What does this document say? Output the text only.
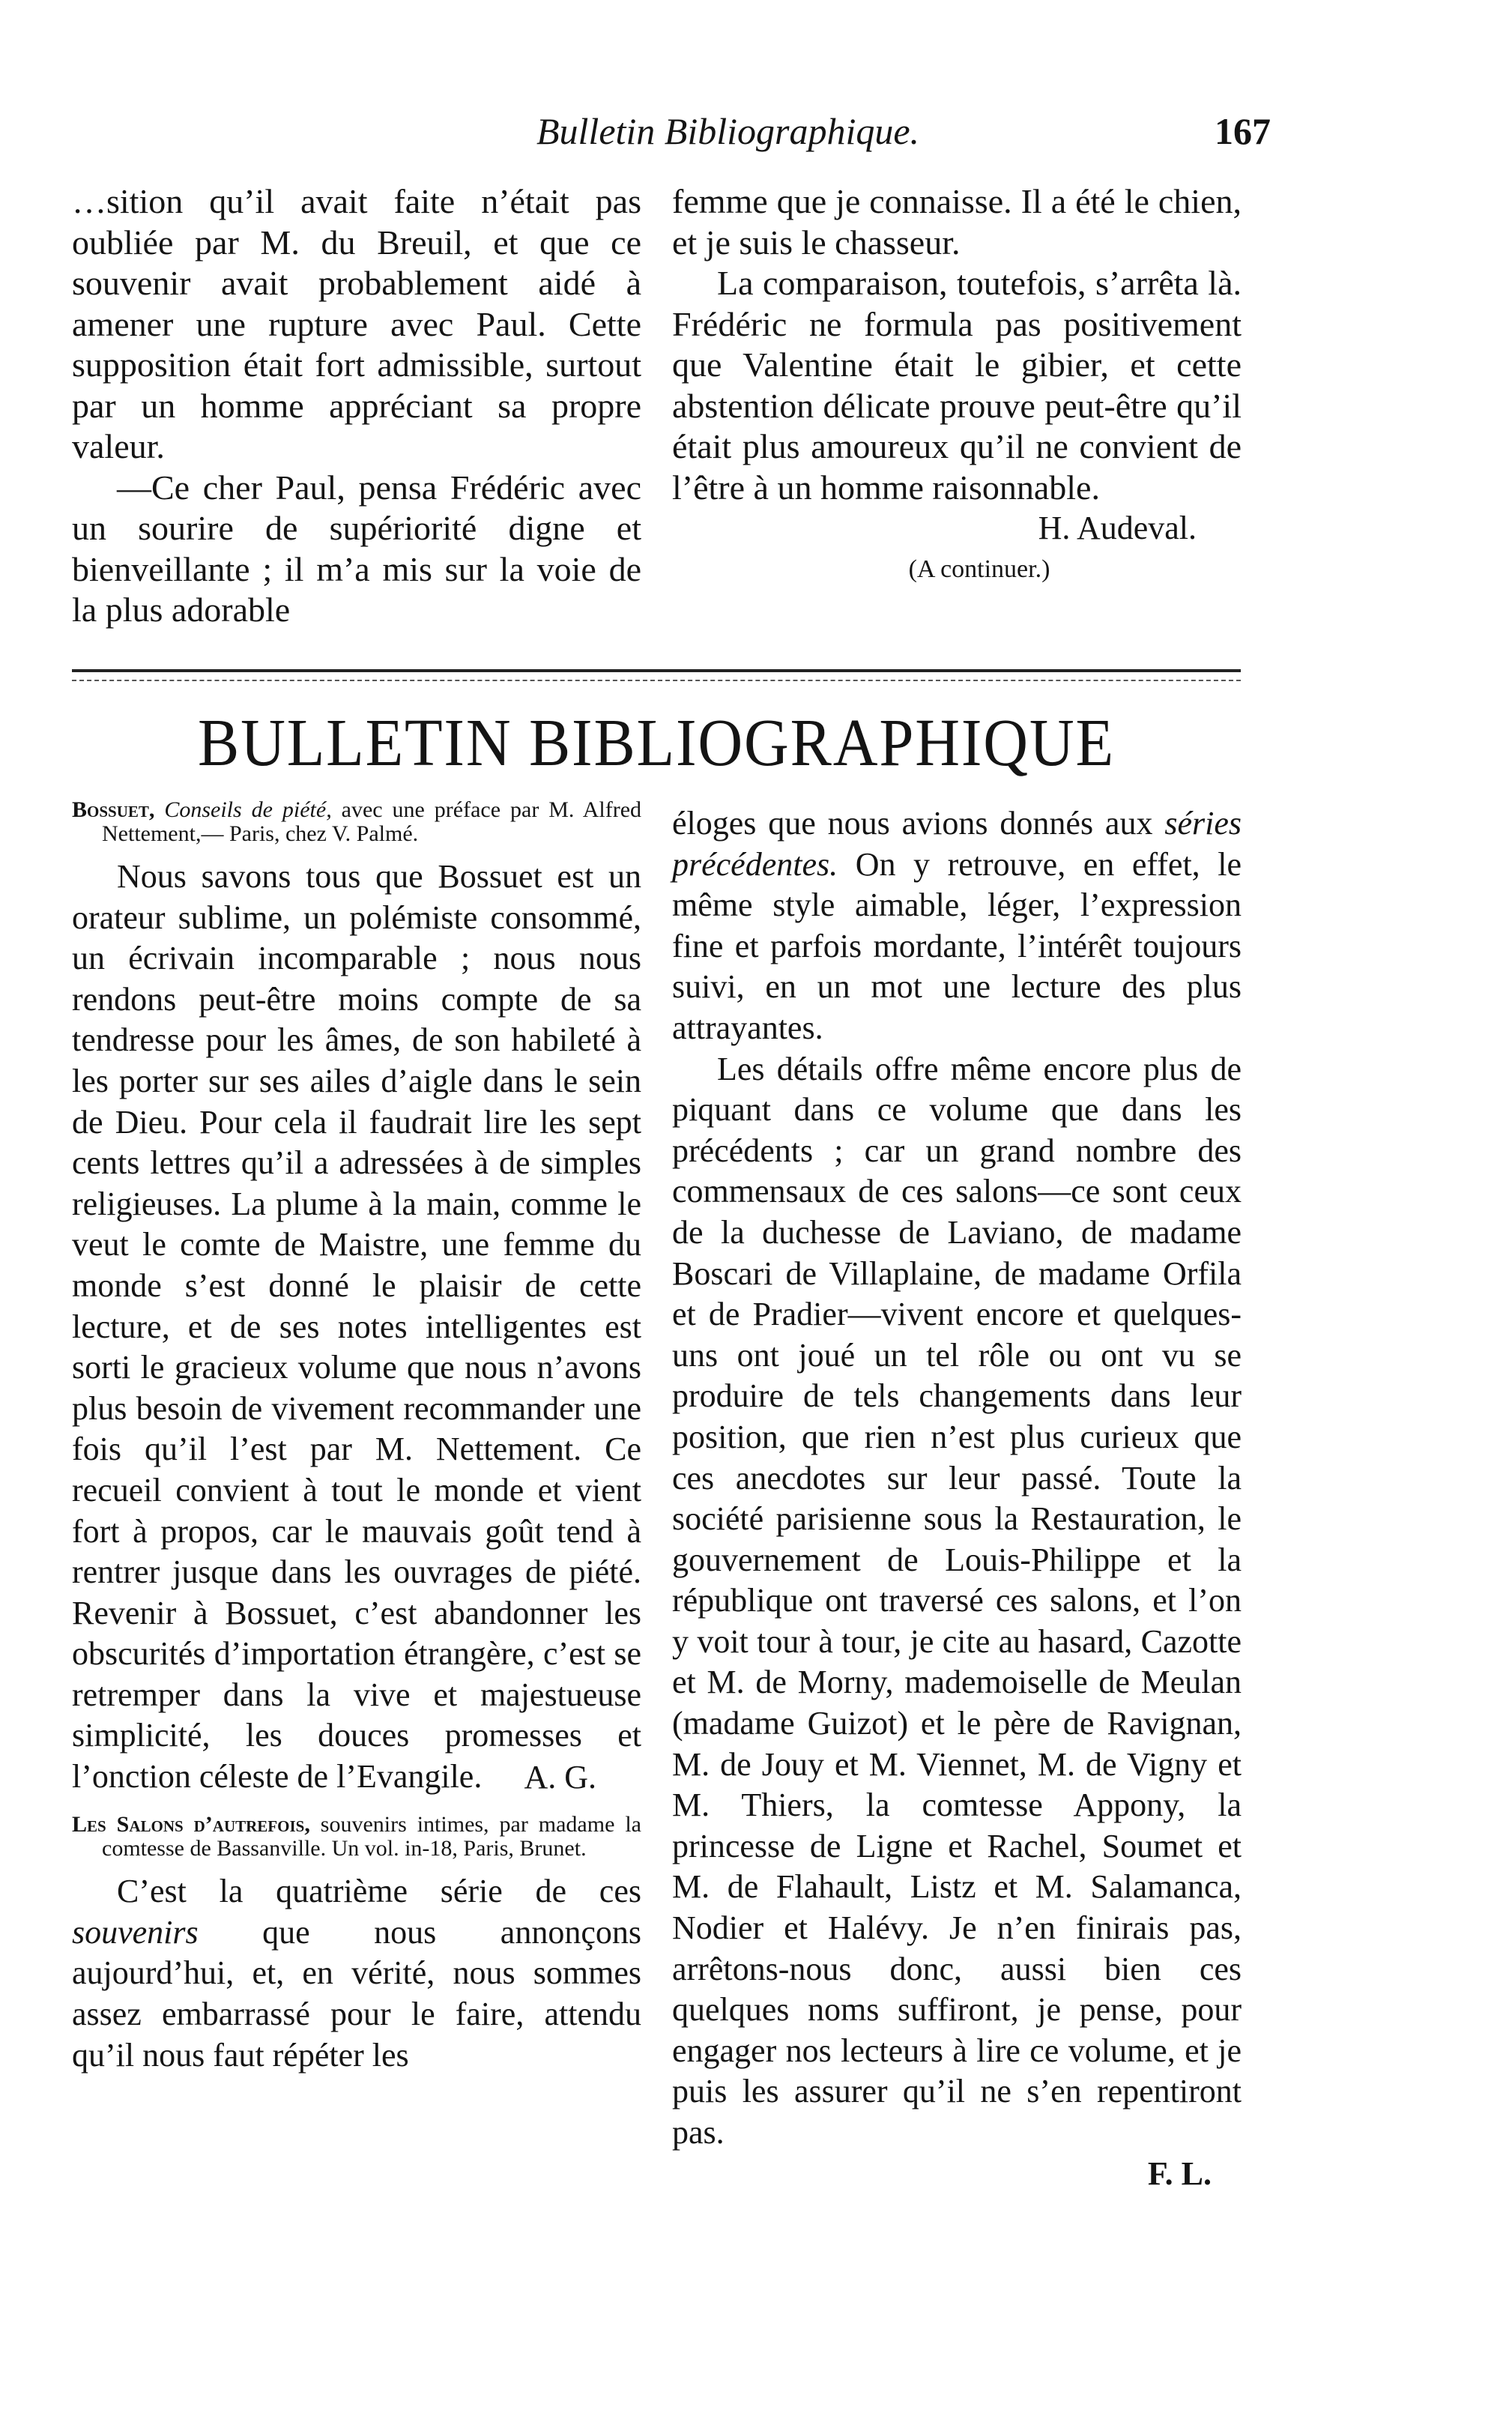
Bulletin Bibliographique.	167

…sition qu’il avait faite n’était pas oubliée par M. du Breuil, et que ce souvenir avait probablement aidé à amener une rupture avec Paul. Cette supposition était fort admissible, surtout par un homme appréciant sa propre valeur.

—Ce cher Paul, pensa Frédéric avec un sourire de supériorité digne et bienveillante ; il m’a mis sur la voie de la plus adorable

femme que je connaisse. Il a été le chien, et je suis le chasseur.

La comparaison, toutefois, s’arrêta là. Frédéric ne formula pas positivement que Valentine était le gibier, et cette abstention délicate prouve peut-être qu’il était plus amoureux qu’il ne convient de l’être à un homme raisonnable.

H. Audeval.

(A continuer.)

BULLETIN BIBLIOGRAPHIQUE

Bossuet, Conseils de piété, avec une préface par M. Alfred Nettement,— Paris, chez V. Palmé.

Nous savons tous que Bossuet est un orateur sublime, un polémiste consommé, un écrivain incomparable ; nous nous rendons peut-être moins compte de sa tendresse pour les âmes, de son habileté à les porter sur ses ailes d’aigle dans le sein de Dieu. Pour cela il faudrait lire les sept cents lettres qu’il a adressées à de simples religieuses. La plume à la main, comme le veut le comte de Maistre, une femme du monde s’est donné le plaisir de cette lecture, et de ses notes intelligentes est sorti le gracieux volume que nous n’avons plus besoin de vivement recommander une fois qu’il l’est par M. Nettement. Ce recueil convient à tout le monde et vient fort à propos, car le mauvais goût tend à rentrer jusque dans les ouvrages de piété. Revenir à Bossuet, c’est abandonner les obscurités d’importation étrangère, c’est se retremper dans la vive et majestueuse simplicité, les douces promesses et l’onction céleste de l’Evangile.	A. G.

Les Salons d’autrefois, souvenirs intimes, par madame la comtesse de Bassanville. Un vol. in-18, Paris, Brunet.

C’est la quatrième série de ces souvenirs que nous annonçons aujourd’hui, et, en vérité, nous sommes assez embarrassé pour le faire, attendu qu’il nous faut répéter les

éloges que nous avions donnés aux séries précédentes. On y retrouve, en effet, le même style aimable, léger, l’expression fine et parfois mordante, l’intérêt toujours suivi, en un mot une lecture des plus attrayantes.

Les détails offre même encore plus de piquant dans ce volume que dans les précédents ; car un grand nombre des commensaux de ces salons—ce sont ceux de la duchesse de Laviano, de madame Boscari de Villaplaine, de madame Orfila et de Pradier—vivent encore et quelques-uns ont joué un tel rôle ou ont vu se produire de tels changements dans leur position, que rien n’est plus curieux que ces anecdotes sur leur passé. Toute la société parisienne sous la Restauration, le gouvernement de Louis-Philippe et la république ont traversé ces salons, et l’on y voit tour à tour, je cite au hasard, Cazotte et M. de Morny, mademoiselle de Meulan (madame Guizot) et le père de Ravignan, M. de Jouy et M. Viennet, M. de Vigny et M. Thiers, la comtesse Appony, la princesse de Ligne et Rachel, Soumet et M. de Flahault, Listz et M. Salamanca, Nodier et Halévy. Je n’en finirais pas, arrêtons-nous donc, aussi bien ces quelques noms suffiront, je pense, pour engager nos lecteurs à lire ce volume, et je puis les assurer qu’il ne s’en repentiront pas.

F. L.
